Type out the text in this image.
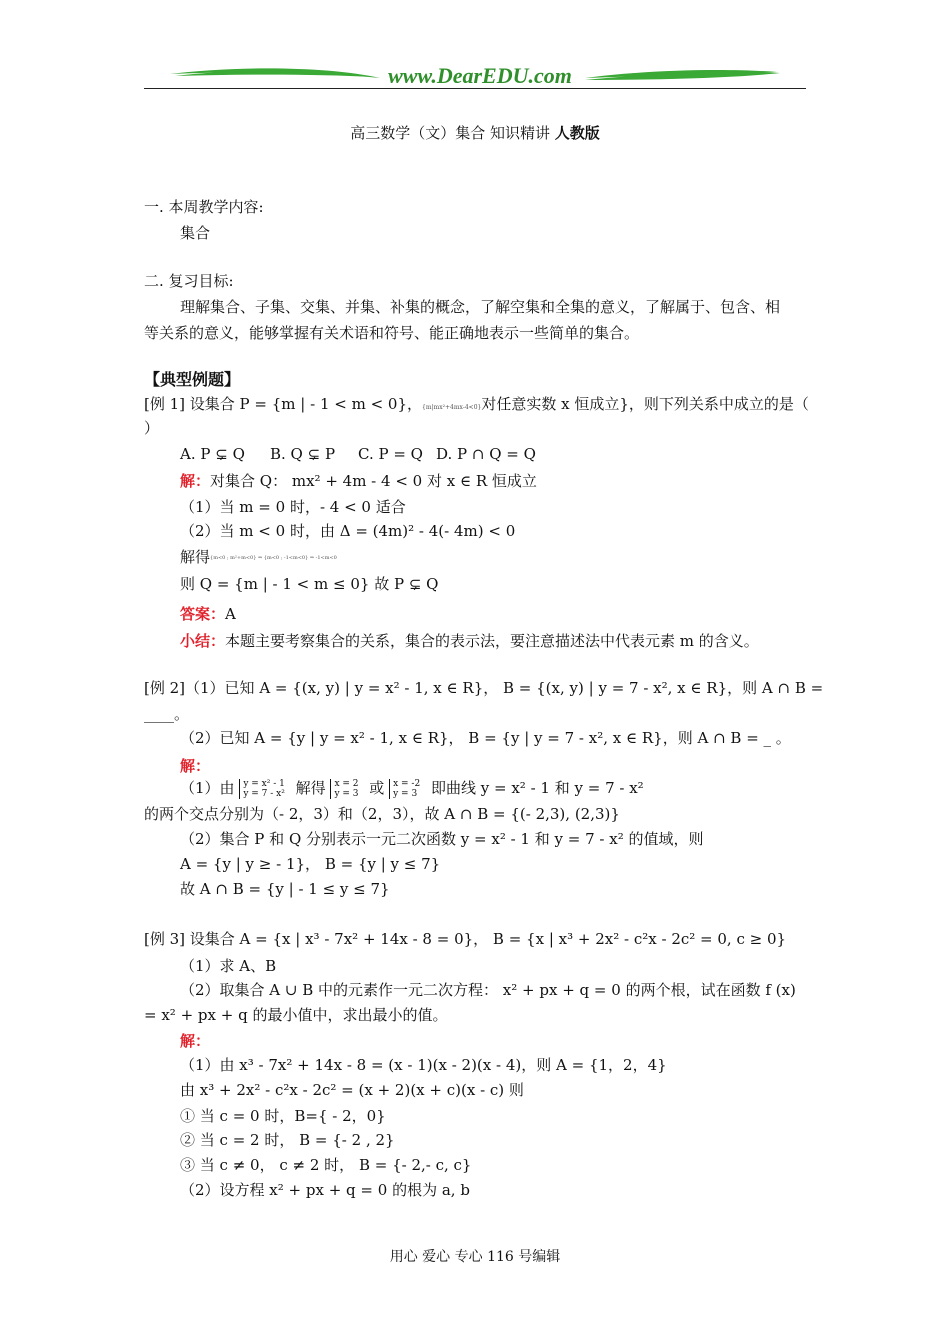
www.DearEDU.com
高三数学（文）集合 知识精讲 人教版
一. 本周教学内容:
集合
二. 复习目标:
理解集合、子集、交集、并集、补集的概念，了解空集和全集的意义，了解属于、包含、相
等关系的意义，能够掌握有关术语和符号、能正确地表示一些简单的集合。
【典型例题】
[例 1] 设集合 P = {m | - 1 < m < 0}，{m|mx²+4mx-4<0}对任意实数 x 恒成立}，则下列关系中成立的是（
）
A. P ⊊ Q B. Q ⊊ P C. P = Q D. P ∩ Q = Q
解：对集合 Q： mx² + 4m - 4 < 0 对 x ∈ R 恒成立
（1）当 m = 0 时，- 4 < 0 适合
（2）当 m < 0 时，由 Δ = (4m)² - 4(- 4m) < 0
解得{m<0 ; m²+m<0} ⇒ {m<0 ; -1<m<0} ⇒ -1<m<0
则 Q = {m | - 1 < m ≤ 0} 故 P ⊊ Q
答案：A
小结：本题主要考察集合的关系，集合的表示法，要注意描述法中代表元素 m 的含义。
[例 2]（1）已知 A = {(x, y) | y = x² - 1, x ∈ R}， B = {(x, y) | y = 7 - x², x ∈ R}，则 A ∩ B =
____。
（2）已知 A = {y | y = x² - 1, x ∈ R}， B = {y | y = 7 - x², x ∈ R}，则 A ∩ B = _ 。
解：
（1）由 y = x² - 1
y = 7 - x² 解得 x = 2
y = 3 或 x = -2
y = 3 即曲线 y = x² - 1 和 y = 7 - x²
的两个交点分别为（- 2，3）和（2，3），故 A ∩ B = {(- 2,3), (2,3)}
（2）集合 P 和 Q 分别表示一元二次函数 y = x² - 1 和 y = 7 - x² 的值域，则
A = {y | y ≥ - 1}， B = {y | y ≤ 7}
故 A ∩ B = {y | - 1 ≤ y ≤ 7}
[例 3] 设集合 A = {x | x³ - 7x² + 14x - 8 = 0}， B = {x | x³ + 2x² - c²x - 2c² = 0, c ≥ 0}
（1）求 A、B
（2）取集合 A ∪ B 中的元素作一元二次方程： x² + px + q = 0 的两个根，试在函数 f (x)
= x² + px + q 的最小值中，求出最小的值。
解：
（1）由 x³ - 7x² + 14x - 8 = (x - 1)(x - 2)(x - 4)，则 A = {1，2，4}
由 x³ + 2x² - c²x - 2c² = (x + 2)(x + c)(x - c) 则
① 当 c = 0 时，B={ - 2，0}
② 当 c = 2 时， B = {- 2 , 2}
③ 当 c ≠ 0， c ≠ 2 时， B = {- 2,- c, c}
（2）设方程 x² + px + q = 0 的根为 a, b
用心 爱心 专心 116 号编辑
